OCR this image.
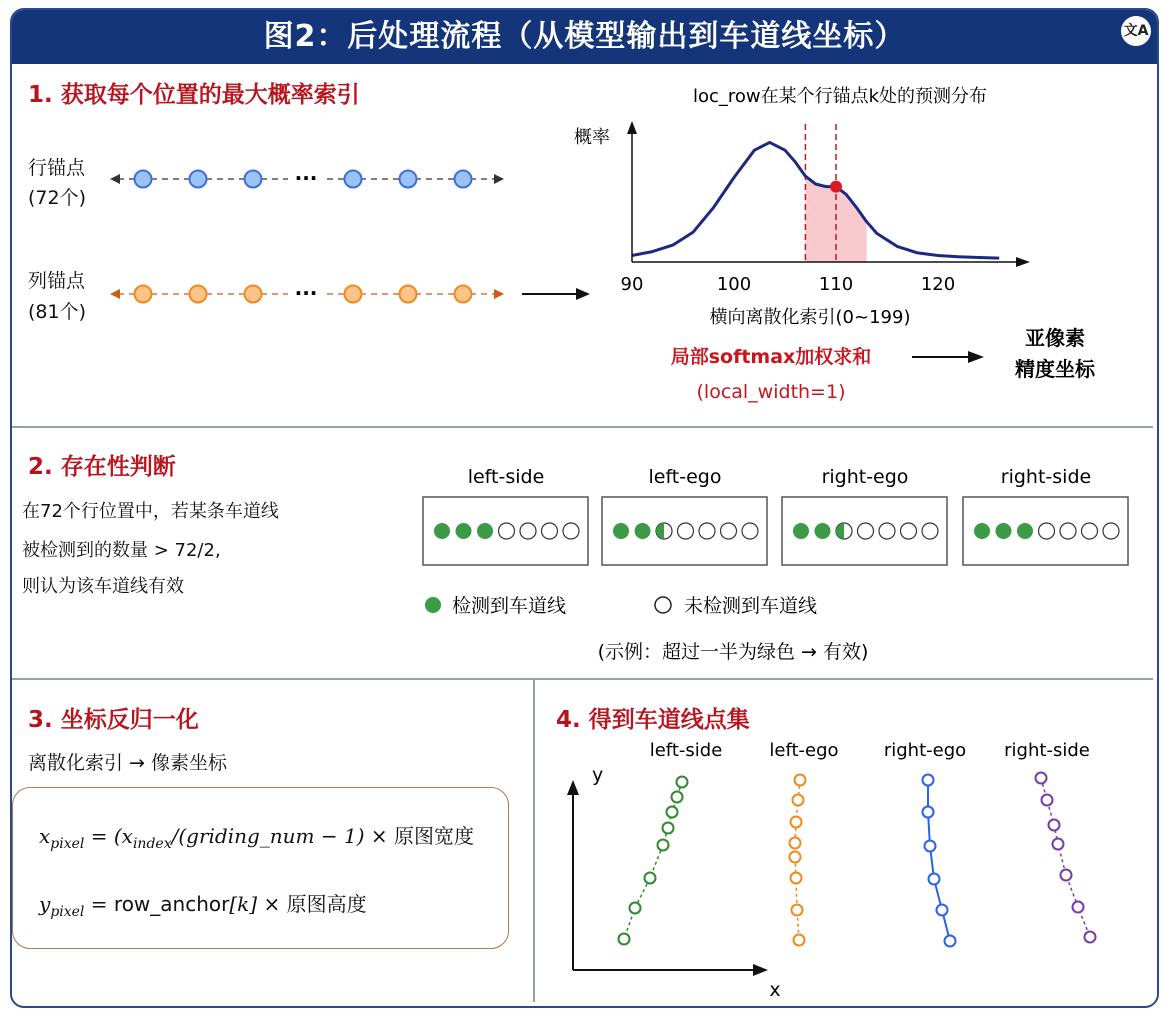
图2：后处理流程（从模型输出到车道线坐标）	文A
1. 获取每个位置的最大概率索引
行锚点
(72个)
列锚点
(81个)
···
···
loc_row在某个行锚点k处的预测分布
概率
90	100	110	120
横向离散化索引(0~199)
局部softmax加权求和
(local_width=1)
亚像素
精度坐标
2. 存在性判断
在72个行位置中，若某条车道线
被检测到的数量 > 72/2,
则认为该车道线有效
left-side	left-ego	right-ego	right-side
检测到车道线	未检测到车道线
(示例：超过一半为绿色 → 有效)
3. 坐标反归一化
离散化索引 → 像素坐标
$x_{pixel}$ = ($x_{index}/(griding\_num - 1)$ × 原图宽度
$y_{pixel}$ = row_anchor[k] × 原图高度
4. 得到车道线点集
left-side	left-ego	right-ego right-side
y
x
